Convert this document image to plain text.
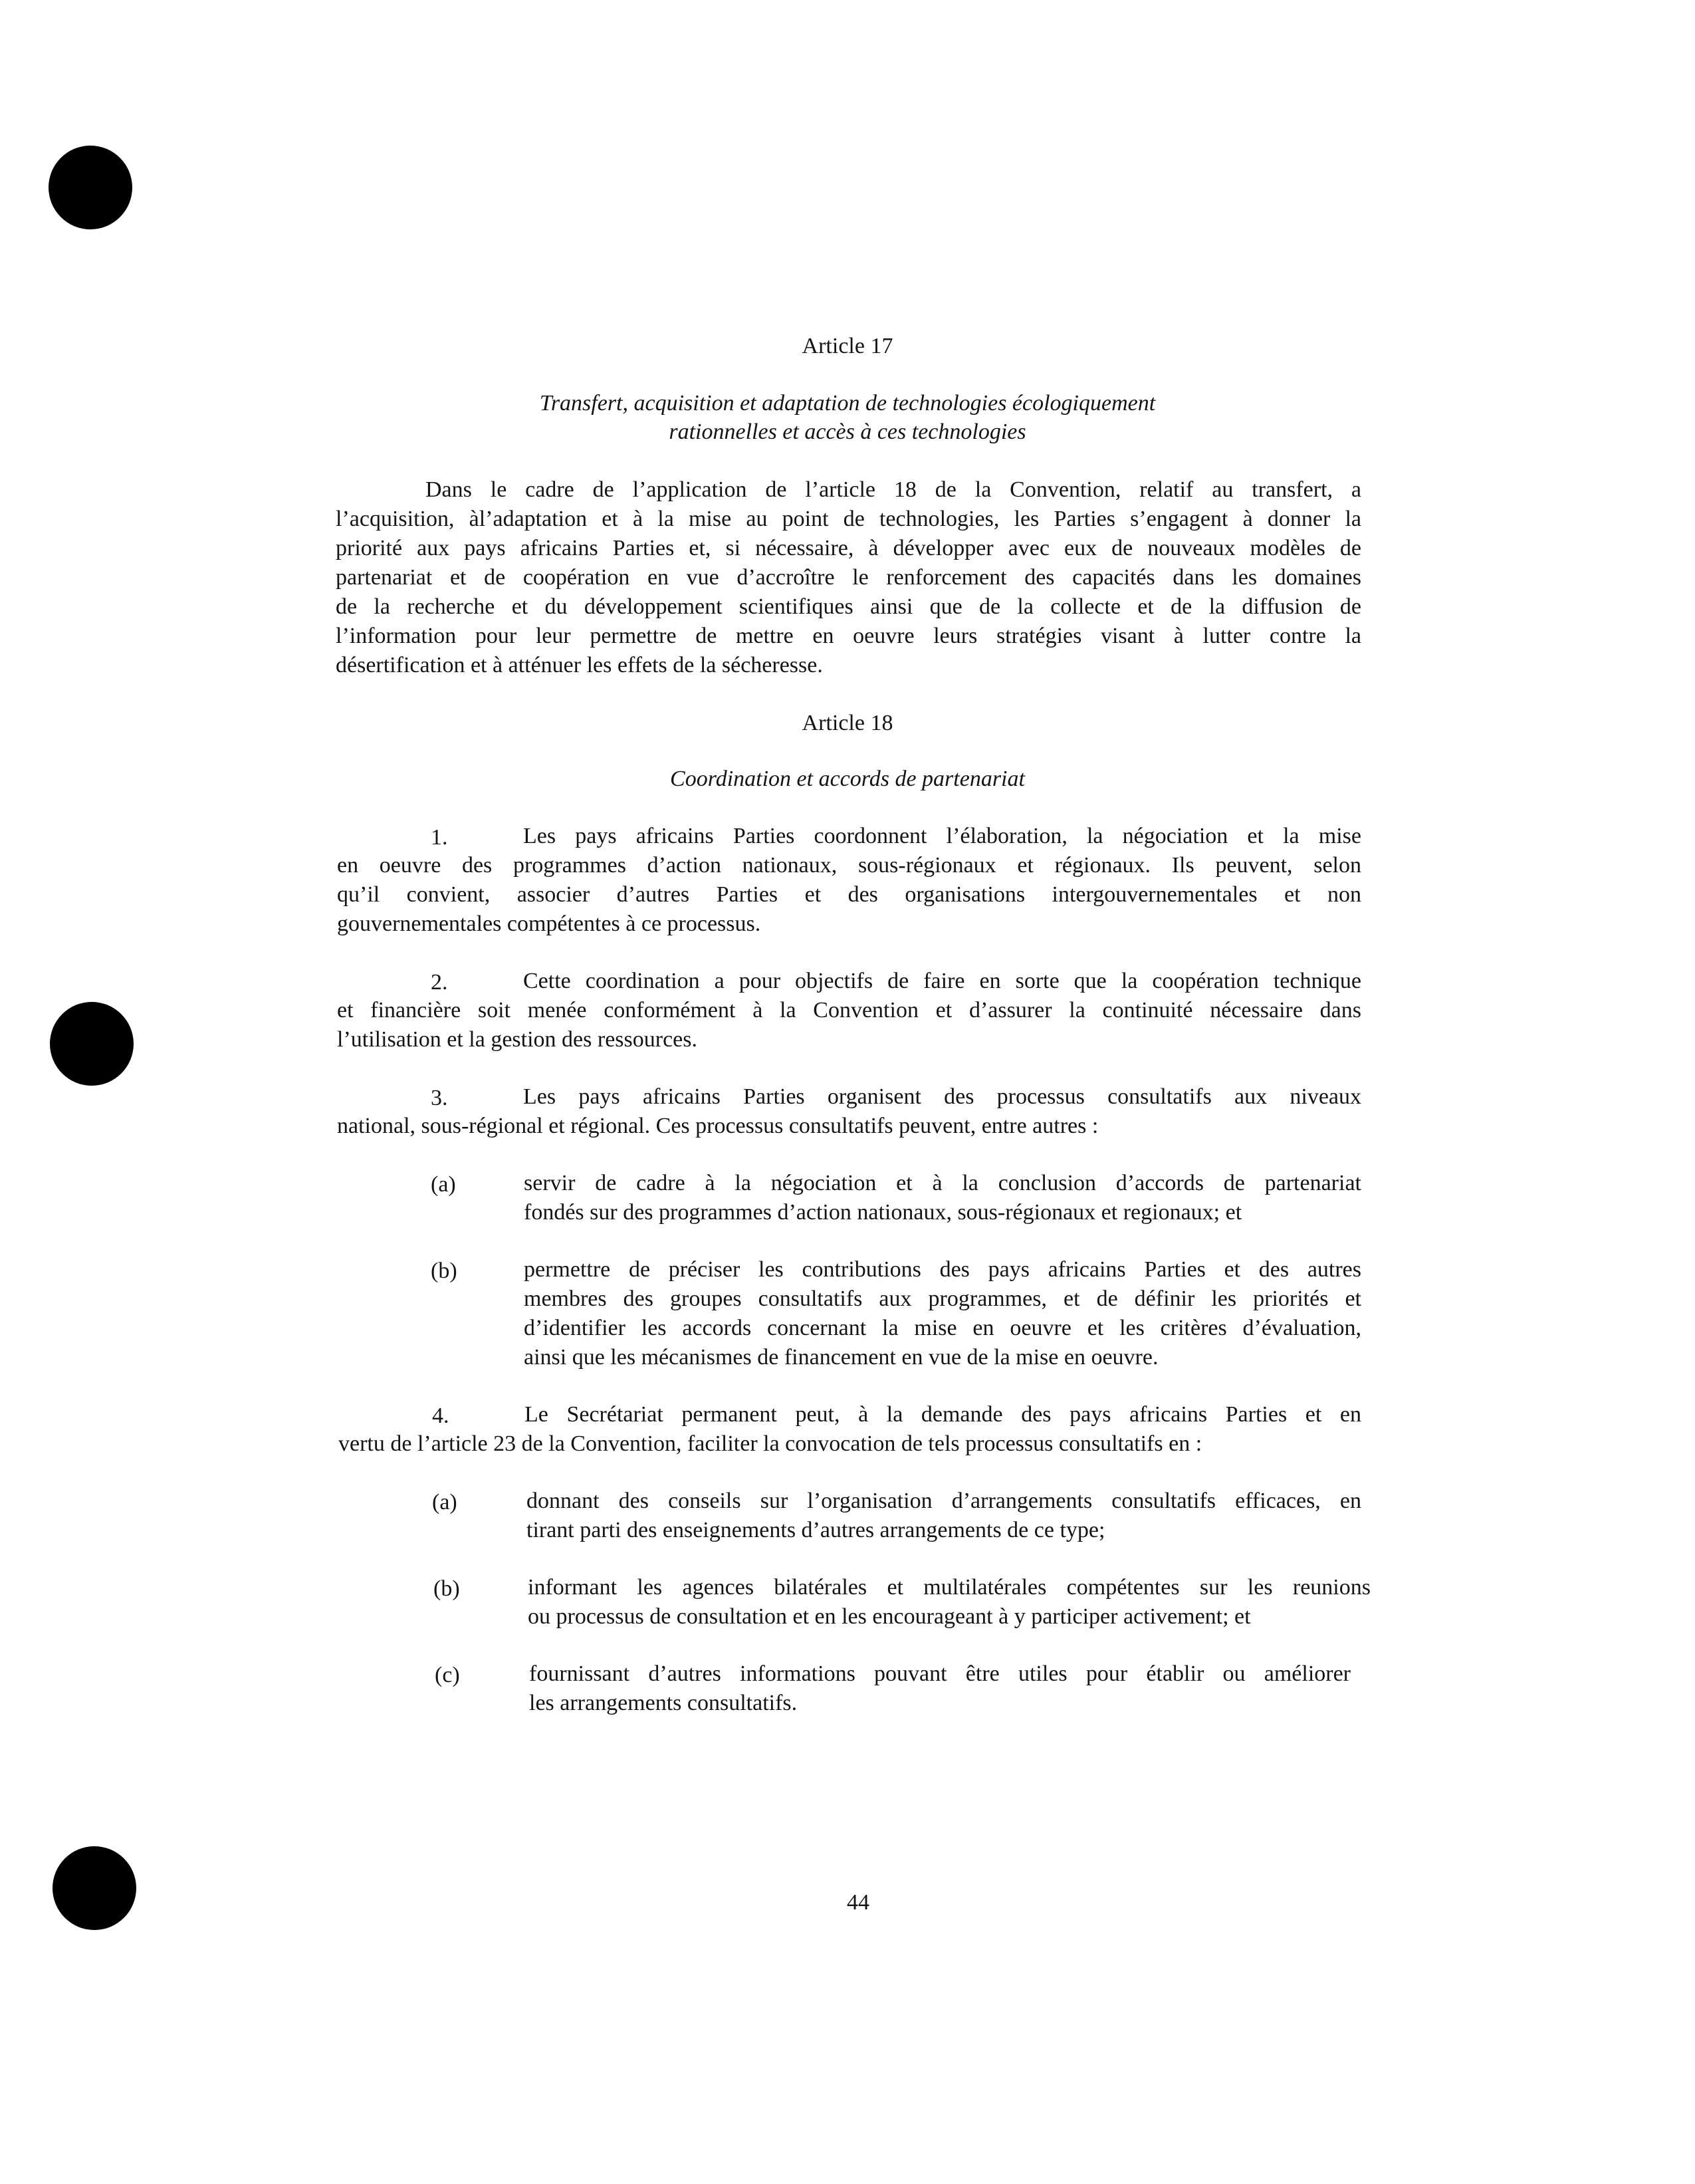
Article 17

Transfert, acquisition et adaptation de technologies écologiquement

rationnelles et accès à ces technologies

Dans le cadre de l’application de l’article 18 de la Convention, relatif au transfert, a

l’acquisition, àl’adaptation et à la mise au point de technologies, les Parties s’engagent à donner la

priorité aux pays africains Parties et, si nécessaire, à développer avec eux de nouveaux modèles de

partenariat et de coopération en vue d’accroître le renforcement des capacités dans les domaines

de la recherche et du développement scientifiques ainsi que de la collecte et de la diffusion de

l’information pour leur permettre de mettre en oeuvre leurs stratégies visant à lutter contre la

désertification et à atténuer les effets de la sécheresse.

Article 18

Coordination et accords de partenariat

1.	Les pays africains Parties coordonnent l’élaboration, la négociation et la mise

en oeuvre des programmes d’action nationaux, sous-régionaux et régionaux. Ils peuvent, selon

qu’il convient, associer d’autres Parties et des organisations intergouvernementales et non

gouvernementales compétentes à ce processus.

2.	Cette coordination a pour objectifs de faire en sorte que la coopération technique

et financière soit menée conformément à la Convention et d’assurer la continuité nécessaire dans

l’utilisation et la gestion des ressources.

3.	Les pays africains Parties organisent des processus consultatifs aux niveaux

national, sous-régional et régional. Ces processus consultatifs peuvent, entre autres :

(a)	servir de cadre à la négociation et à la conclusion d’accords de partenariat

fondés sur des programmes d’action nationaux, sous-régionaux et regionaux; et

(b)	permettre de préciser les contributions des pays africains Parties et des autres

membres des groupes consultatifs aux programmes, et de définir les priorités et

d’identifier les accords concernant la mise en oeuvre et les critères d’évaluation,

ainsi que les mécanismes de financement en vue de la mise en oeuvre.

4.	Le Secrétariat permanent peut, à la demande des pays africains Parties et en

vertu de l’article 23 de la Convention, faciliter la convocation de tels processus consultatifs en :

(a)	donnant des conseils sur l’organisation d’arrangements consultatifs efficaces, en

tirant parti des enseignements d’autres arrangements de ce type;

(b)	informant les agences bilatérales et multilatérales compétentes sur les reunions

ou processus de consultation et en les encourageant à y participer activement; et

(c)	fournissant d’autres informations pouvant être utiles pour établir ou améliorer

les arrangements consultatifs.

44
